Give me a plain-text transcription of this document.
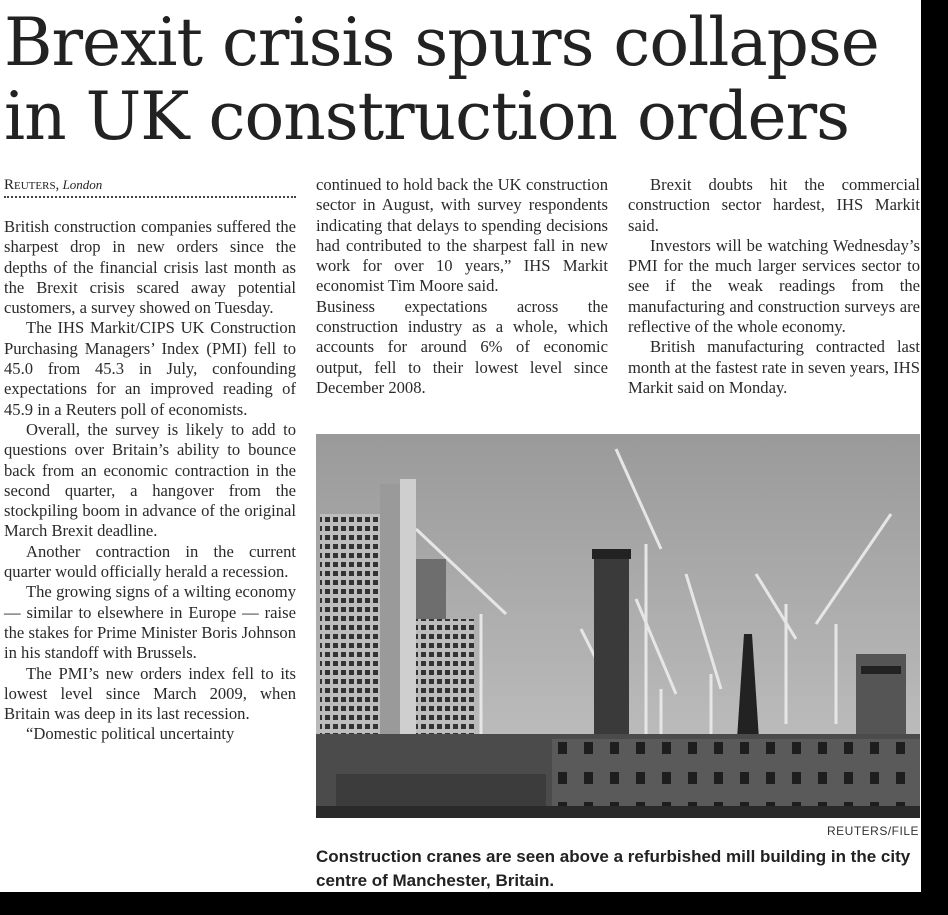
Brexit crisis spurs collapse
in UK construction orders
Reuters, London

British construction companies suffered the sharpest drop in new orders since the depths of the financial crisis last month as the Brexit crisis scared away potential customers, a survey showed on Tuesday.

The IHS Markit/CIPS UK Construction Purchasing Managers’ Index (PMI) fell to 45.0 from 45.3 in July, confounding expectations for an improved reading of 45.9 in a Reuters poll of economists.

Overall, the survey is likely to add to questions over Britain’s ability to bounce back from an economic contraction in the second quarter, a hangover from the stockpiling boom in advance of the original March Brexit deadline.

Another contraction in the current quarter would officially herald a recession.

The growing signs of a wilting economy — similar to elsewhere in Europe — raise the stakes for Prime Minister Boris Johnson in his standoff with Brussels.

The PMI’s new orders index fell to its lowest level since March 2009, when Britain was deep in its last recession.

“Domestic political uncertainty

continued to hold back the UK construction sector in August, with survey respondents indicating that delays to spending decisions had contributed to the sharpest fall in new work for over 10 years,” IHS Markit economist Tim Moore said.

Business expectations across the construction industry as a whole, which accounts for around 6% of economic output, fell to their lowest level since December 2008.

Brexit doubts hit the commercial construction sector hardest, IHS Markit said.

Investors will be watching Wednesday’s PMI for the much larger services sector to see if the weak readings from the manufacturing and construction surveys are reflective of the whole economy.

British manufacturing contracted last month at the fastest rate in seven years, IHS Markit said on Monday.

REUTERS/FILE
Construction cranes are seen above a refurbished mill building in the city centre of Manchester, Britain.
